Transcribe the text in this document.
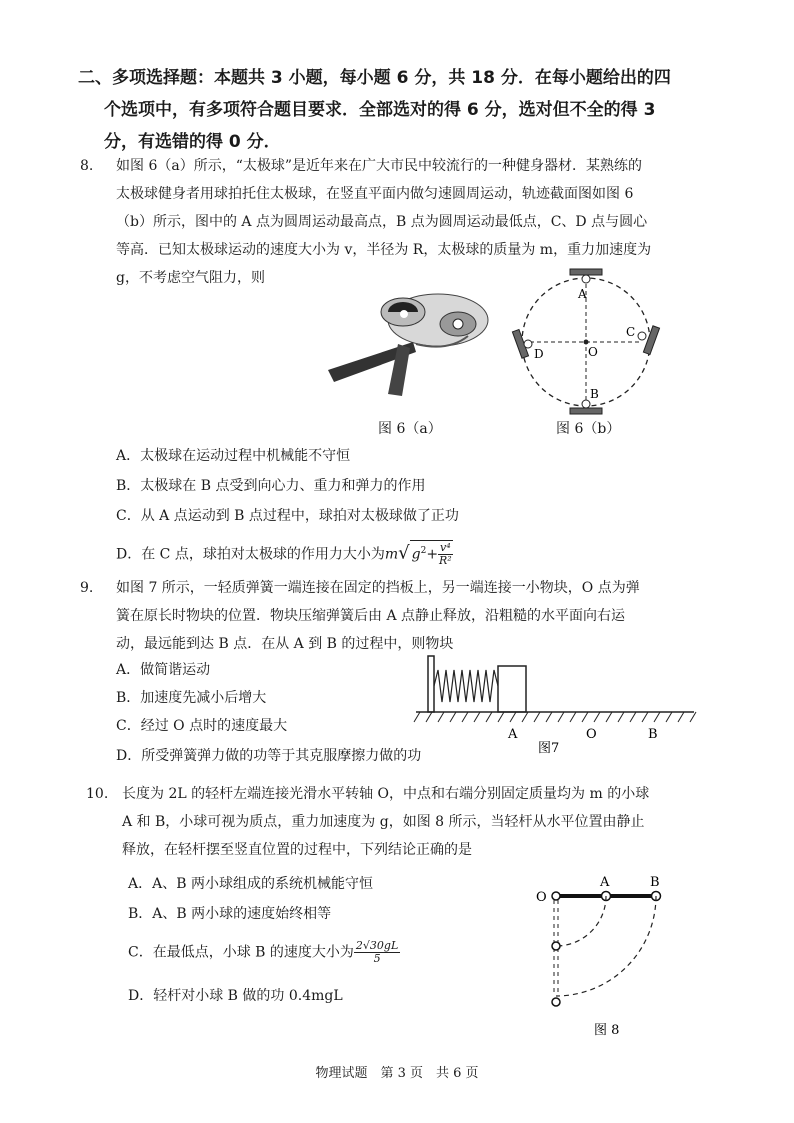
二、多项选择题：本题共 3 小题，每小题 6 分，共 18 分．在每小题给出的四
个选项中，有多项符合题目要求．全部选对的得 6 分，选对但不全的得 3
分，有选错的得 0 分．
8. 如图 6（a）所示，“太极球”是近年来在广大市民中较流行的一种健身器材．某熟练的
太极球健身者用球拍托住太极球，在竖直平面内做匀速圆周运动，轨迹截面图如图 6
（b）所示，图中的 A 点为圆周运动最高点，B 点为圆周运动最低点，C、D 点与圆心
等高．已知太极球运动的速度大小为 v，半径为 R，太极球的质量为 m，重力加速度为
g，不考虑空气阻力，则
A
O
C
D
B
图 6（a）	图 6（b）
A．太极球在运动过程中机械能不守恒
B．太极球在 B 点受到向心力、重力和弹力的作用
C．从 A 点运动到 B 点过程中，球拍对太极球做了正功
D．在 C 点，球拍对太极球的作用力大小为m√ $g^2+ \frac{\text{v⁴}}{\text{R²}}$
9. 如图 7 所示，一轻质弹簧一端连接在固定的挡板上，另一端连接一小物块，O 点为弹
簧在原长时物块的位置．物块压缩弹簧后由 A 点静止释放，沿粗糙的水平面向右运
动，最远能到达 B 点．在从 A 到 B 的过程中，则物块
A．做简谐运动
B．加速度先减小后增大
C．经过 O 点时的速度最大
D．所受弹簧弹力做的功等于其克服摩擦力做的功
A	O	B
图7
10. 长度为 2L 的轻杆左端连接光滑水平转轴 O，中点和右端分别固定质量均为 m 的小球
A 和 B，小球可视为质点，重力加速度为 g，如图 8 所示，当轻杆从水平位置由静止
释放，在轻杆摆至竖直位置的过程中，下列结论正确的是
A．A、B 两小球组成的系统机械能守恒
B．A、B 两小球的速度始终相等
C．在最低点，小球 B 的速度大小为 $\frac{2√30gL}{5}$
D．轻杆对小球 B 做的功 0.4mgL
O
A	B
图 8
物理试题　第 3 页　共 6 页
